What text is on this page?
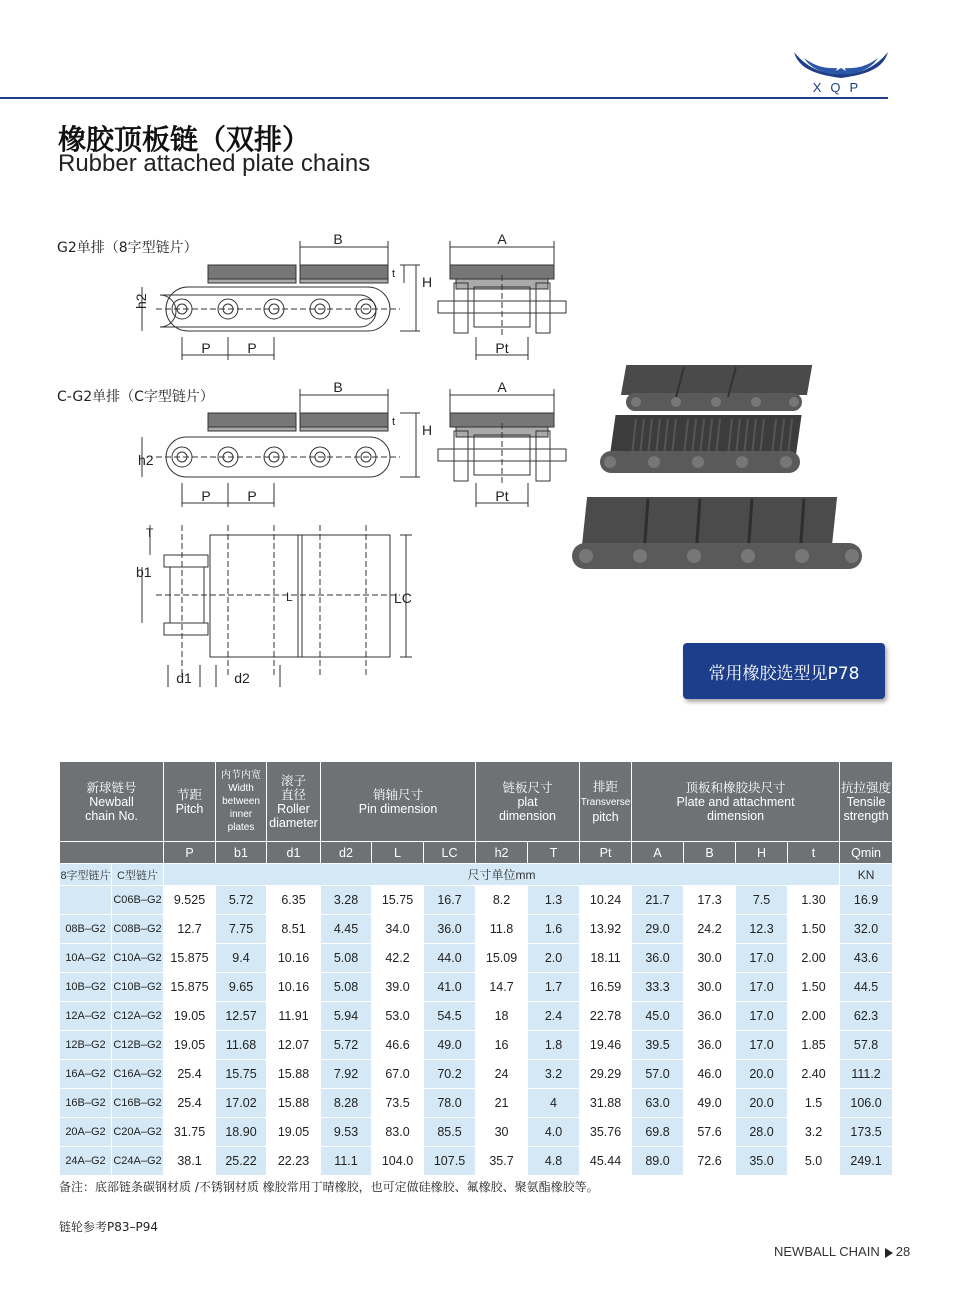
XQP
橡胶顶板链（双排）
Rubber attached plate chains
G2单排（8字型链片）
C-G2单排（C字型链片）
B	A
P	P	Pt
h2
H
t
B	A
P	P	Pt
h2
H
t
T
b1
L	LC
d1	d2	常用橡胶选型见P78
新球链号
Newball
chain No.		节距
Pitch	内节内宽
Width
between
inner
plates	滚子
直径
Roller
diameter	销轴尺寸
Pin dimension			链板尺寸
plat
dimension		排距
Transverse
pitch	顶板和橡胶块尺寸
Plate and attachment
dimension				抗拉强度
Tensile
strength
		P	b1	d1	d2	L	LC	h2	T	Pt	A	B	H	t	Qmin
8字型链片	C型链片	尺寸单位mm													KN
	C06B–G2	9.525	5.72	6.35	3.28	15.75	16.7	8.2	1.3	10.24	21.7	17.3	7.5	1.30	16.9
08B–G2	C08B–G2	12.7	7.75	8.51	4.45	34.0	36.0	11.8	1.6	13.92	29.0	24.2	12.3	1.50	32.0
10A–G2	C10A–G2	15.875	9.4	10.16	5.08	42.2	44.0	15.09	2.0	18.11	36.0	30.0	17.0	2.00	43.6
10B–G2	C10B–G2	15.875	9.65	10.16	5.08	39.0	41.0	14.7	1.7	16.59	33.3	30.0	17.0	1.50	44.5
12A–G2	C12A–G2	19.05	12.57	11.91	5.94	53.0	54.5	18	2.4	22.78	45.0	36.0	17.0	2.00	62.3
12B–G2	C12B–G2	19.05	11.68	12.07	5.72	46.6	49.0	16	1.8	19.46	39.5	36.0	17.0	1.85	57.8
16A–G2	C16A–G2	25.4	15.75	15.88	7.92	67.0	70.2	24	3.2	29.29	57.0	46.0	20.0	2.40	111.2
16B–G2	C16B–G2	25.4	17.02	15.88	8.28	73.5	78.0	21	4	31.88	63.0	49.0	20.0	1.5	106.0
20A–G2	C20A–G2	31.75	18.90	19.05	9.53	83.0	85.5	30	4.0	35.76	69.8	57.6	28.0	3.2	173.5
24A–G2	C24A–G2	38.1	25.22	22.23	11.1	104.0	107.5	35.7	4.8	45.44	89.0	72.6	35.0	5.0	249.1
备注：底部链条碳钢材质 /不锈钢材质 橡胶常用丁晴橡胶，也可定做硅橡胶、氟橡胶、聚氨酯橡胶等。
链轮参考P83–P94
NEWBALL CHAIN 28
